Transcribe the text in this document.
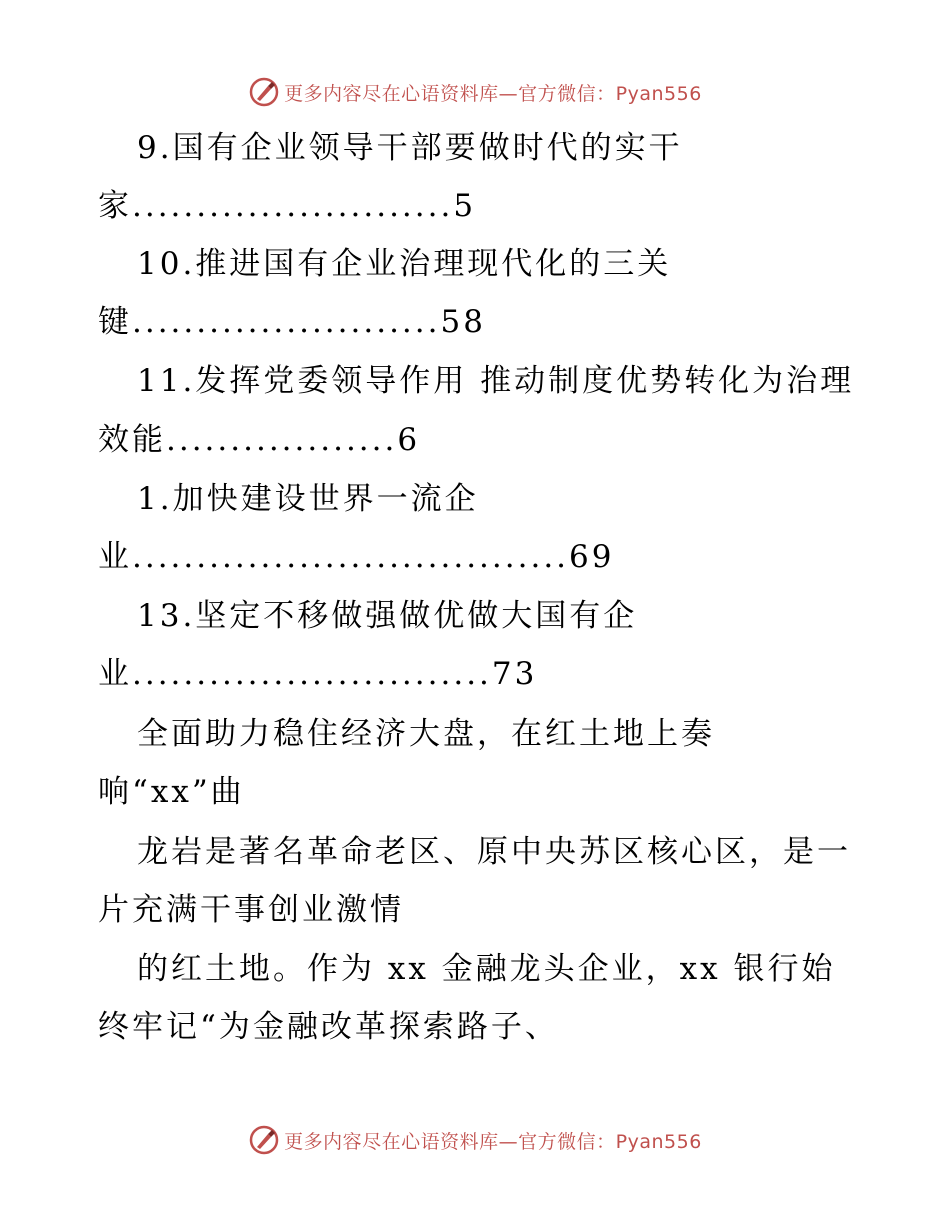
更多内容尽在心语资料库—官方微信：Pyan556
9.国有企业领导干部要做时代的实干
家.........................5
10.推进国有企业治理现代化的三关
键........................58
11.发挥党委领导作用 推动制度优势转化为治理
效能..................6
1.加快建设世界一流企
业..................................69
13.坚定不移做强做优做大国有企
业............................73
全面助力稳住经济大盘，在红土地上奏
响“xx”曲
龙岩是著名革命老区、原中央苏区核心区，是一
片充满干事创业激情
的红土地。作为 xx 金融龙头企业，xx 银行始
终牢记“为金融改革探索路子、
更多内容尽在心语资料库—官方微信：Pyan556
